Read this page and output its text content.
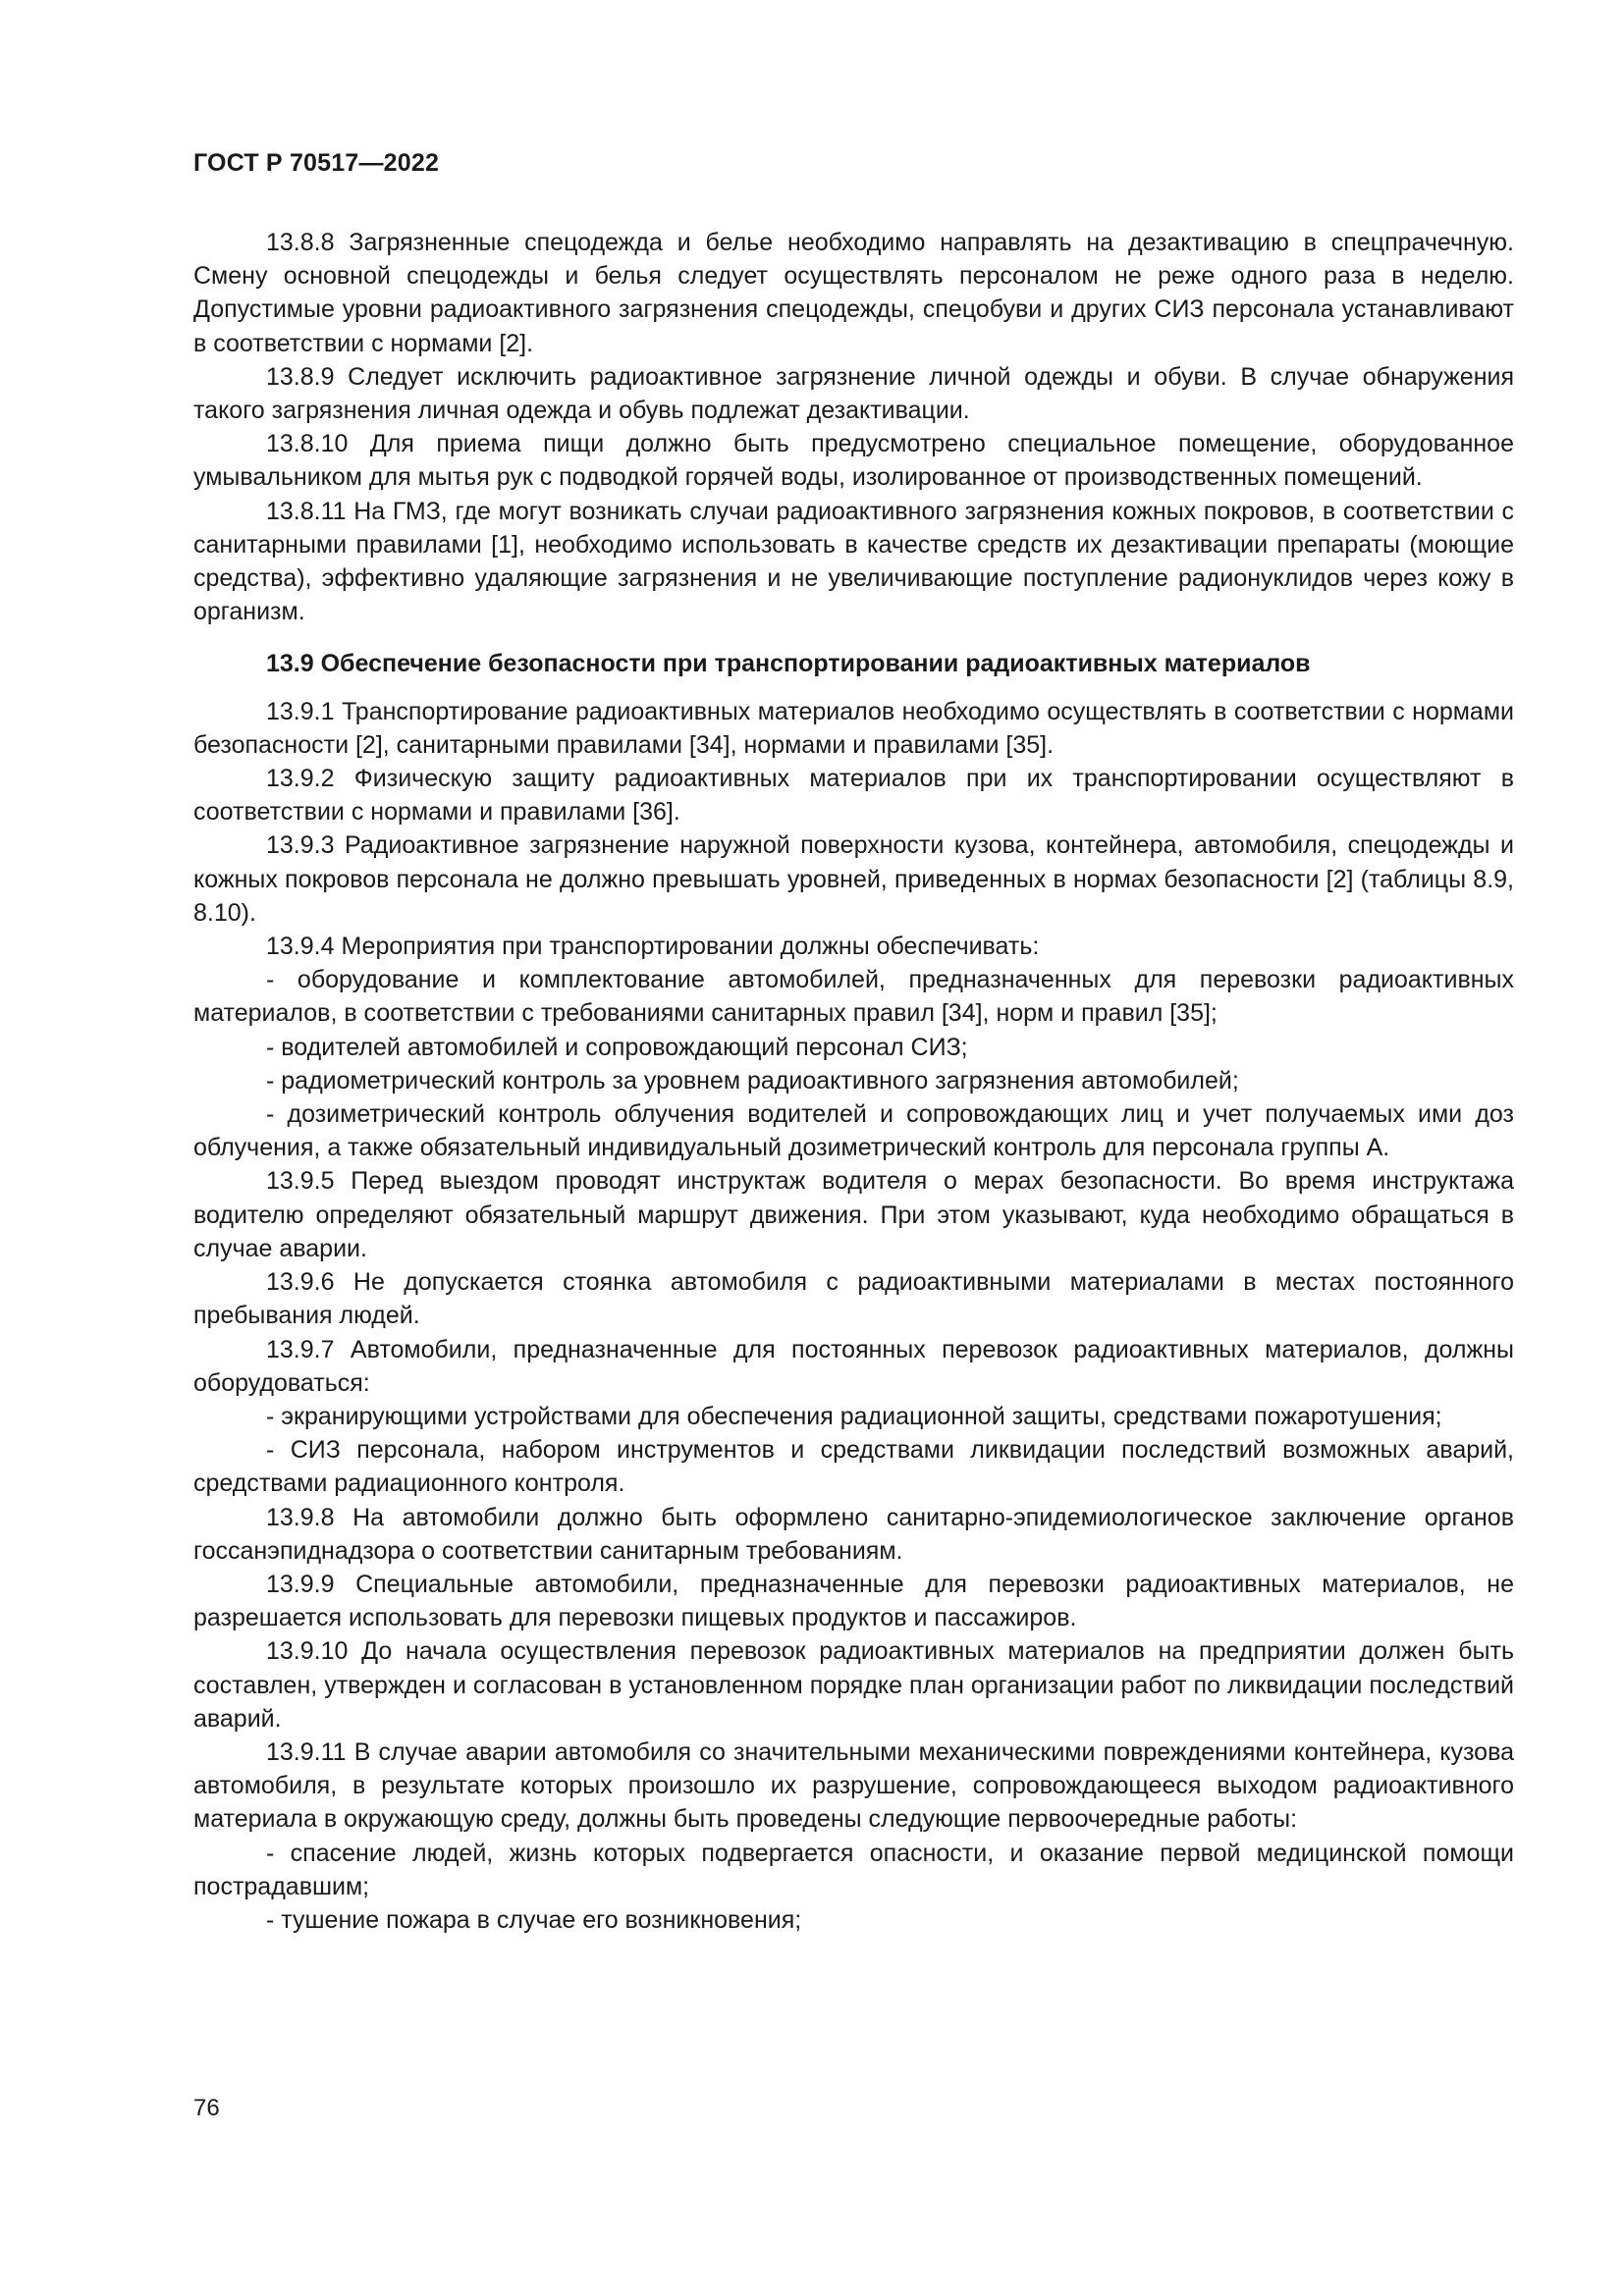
ГОСТ Р 70517—2022

13.8.8 Загрязненные спецодежда и белье необходимо направлять на дезактивацию в спецпрачечную. Смену основной спецодежды и белья следует осуществлять персоналом не реже одного раза в неделю. Допустимые уровни радиоактивного загрязнения спецодежды, спецобуви и других СИЗ персонала устанавливают в соответствии с нормами [2].

13.8.9 Следует исключить радиоактивное загрязнение личной одежды и обуви. В случае обнаружения такого загрязнения личная одежда и обувь подлежат дезактивации.

13.8.10 Для приема пищи должно быть предусмотрено специальное помещение, оборудованное умывальником для мытья рук с подводкой горячей воды, изолированное от производственных помещений.

13.8.11 На ГМЗ, где могут возникать случаи радиоактивного загрязнения кожных покровов, в соответствии с санитарными правилами [1], необходимо использовать в качестве средств их дезактивации препараты (моющие средства), эффективно удаляющие загрязнения и не увеличивающие поступление радионуклидов через кожу в организм.

13.9 Обеспечение безопасности при транспортировании радиоактивных материалов

13.9.1 Транспортирование радиоактивных материалов необходимо осуществлять в соответствии с нормами безопасности [2], санитарными правилами [34], нормами и правилами [35].

13.9.2 Физическую защиту радиоактивных материалов при их транспортировании осуществляют в соответствии с нормами и правилами [36].

13.9.3 Радиоактивное загрязнение наружной поверхности кузова, контейнера, автомобиля, спецодежды и кожных покровов персонала не должно превышать уровней, приведенных в нормах безопасности [2] (таблицы 8.9, 8.10).

13.9.4 Мероприятия при транспортировании должны обеспечивать:

- оборудование и комплектование автомобилей, предназначенных для перевозки радиоактивных материалов, в соответствии с требованиями санитарных правил [34], норм и правил [35];

- водителей автомобилей и сопровождающий персонал СИЗ;

- радиометрический контроль за уровнем радиоактивного загрязнения автомобилей;

- дозиметрический контроль облучения водителей и сопровождающих лиц и учет получаемых ими доз облучения, а также обязательный индивидуальный дозиметрический контроль для персонала группы А.

13.9.5 Перед выездом проводят инструктаж водителя о мерах безопасности. Во время инструктажа водителю определяют обязательный маршрут движения. При этом указывают, куда необходимо обращаться в случае аварии.

13.9.6 Не допускается стоянка автомобиля с радиоактивными материалами в местах постоянного пребывания людей.

13.9.7 Автомобили, предназначенные для постоянных перевозок радиоактивных материалов, должны оборудоваться:

- экранирующими устройствами для обеспечения радиационной защиты, средствами пожаротушения;

- СИЗ персонала, набором инструментов и средствами ликвидации последствий возможных аварий, средствами радиационного контроля.

13.9.8 На автомобили должно быть оформлено санитарно-эпидемиологическое заключение органов госсанэпиднадзора о соответствии санитарным требованиям.

13.9.9 Специальные автомобили, предназначенные для перевозки радиоактивных материалов, не разрешается использовать для перевозки пищевых продуктов и пассажиров.

13.9.10 До начала осуществления перевозок радиоактивных материалов на предприятии должен быть составлен, утвержден и согласован в установленном порядке план организации работ по ликвидации последствий аварий.

13.9.11 В случае аварии автомобиля со значительными механическими повреждениями контейнера, кузова автомобиля, в результате которых произошло их разрушение, сопровождающееся выходом радиоактивного материала в окружающую среду, должны быть проведены следующие первоочередные работы:

- спасение людей, жизнь которых подвергается опасности, и оказание первой медицинской помощи пострадавшим;

- тушение пожара в случае его возникновения;

76
